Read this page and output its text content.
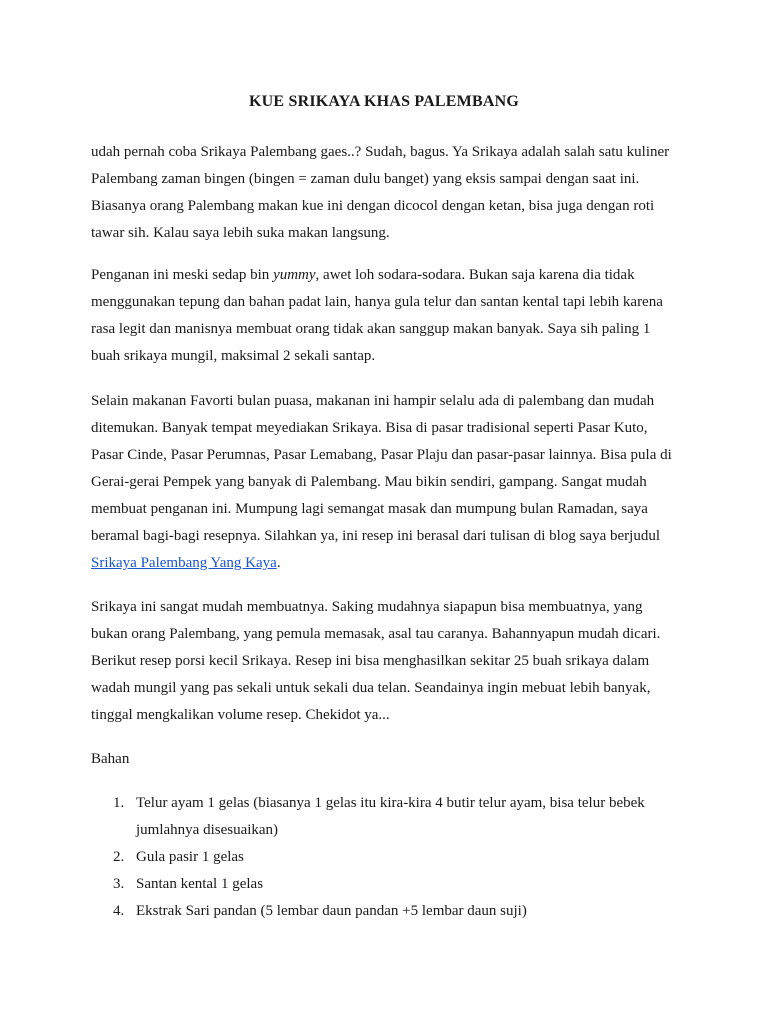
KUE SRIKAYA KHAS PALEMBANG

udah pernah coba Srikaya Palembang gaes..? Sudah, bagus. Ya Srikaya adalah salah satu kuliner
Palembang zaman bingen (bingen = zaman dulu banget) yang eksis sampai dengan saat ini.
Biasanya orang Palembang makan kue ini dengan dicocol dengan ketan, bisa juga dengan roti
tawar sih. Kalau saya lebih suka makan langsung.

Penganan ini meski sedap bin yummy, awet loh sodara-sodara. Bukan saja karena dia tidak
menggunakan tepung dan bahan padat lain, hanya gula telur dan santan kental tapi lebih karena
rasa legit dan manisnya membuat orang tidak akan sanggup makan banyak. Saya sih paling 1
buah srikaya mungil, maksimal 2 sekali santap.

Selain makanan Favorti bulan puasa, makanan ini hampir selalu ada di palembang dan mudah
ditemukan. Banyak tempat meyediakan Srikaya. Bisa di pasar tradisional seperti Pasar Kuto,
Pasar Cinde, Pasar Perumnas, Pasar Lemabang, Pasar Plaju dan pasar-pasar lainnya. Bisa pula di
Gerai-gerai Pempek yang banyak di Palembang. Mau bikin sendiri, gampang. Sangat mudah
membuat penganan ini. Mumpung lagi semangat masak dan mumpung bulan Ramadan, saya
beramal bagi-bagi resepnya. Silahkan ya, ini resep ini berasal dari tulisan di blog saya berjudul
Srikaya Palembang Yang Kaya.

Srikaya ini sangat mudah membuatnya. Saking mudahnya siapapun bisa membuatnya, yang
bukan orang Palembang, yang pemula memasak, asal tau caranya. Bahannyapun mudah dicari.
Berikut resep porsi kecil Srikaya. Resep ini bisa menghasilkan sekitar 25 buah srikaya dalam
wadah mungil yang pas sekali untuk sekali dua telan. Seandainya ingin mebuat lebih banyak,
tinggal mengkalikan volume resep. Chekidot ya...

Bahan
1. Telur ayam 1 gelas (biasanya 1 gelas itu kira-kira 4 butir telur ayam, bisa telur bebek
jumlahnya disesuaikan)
2. Gula pasir 1 gelas
3. Santan kental 1 gelas
4. Ekstrak Sari pandan (5 lembar daun pandan +5 lembar daun suji)
